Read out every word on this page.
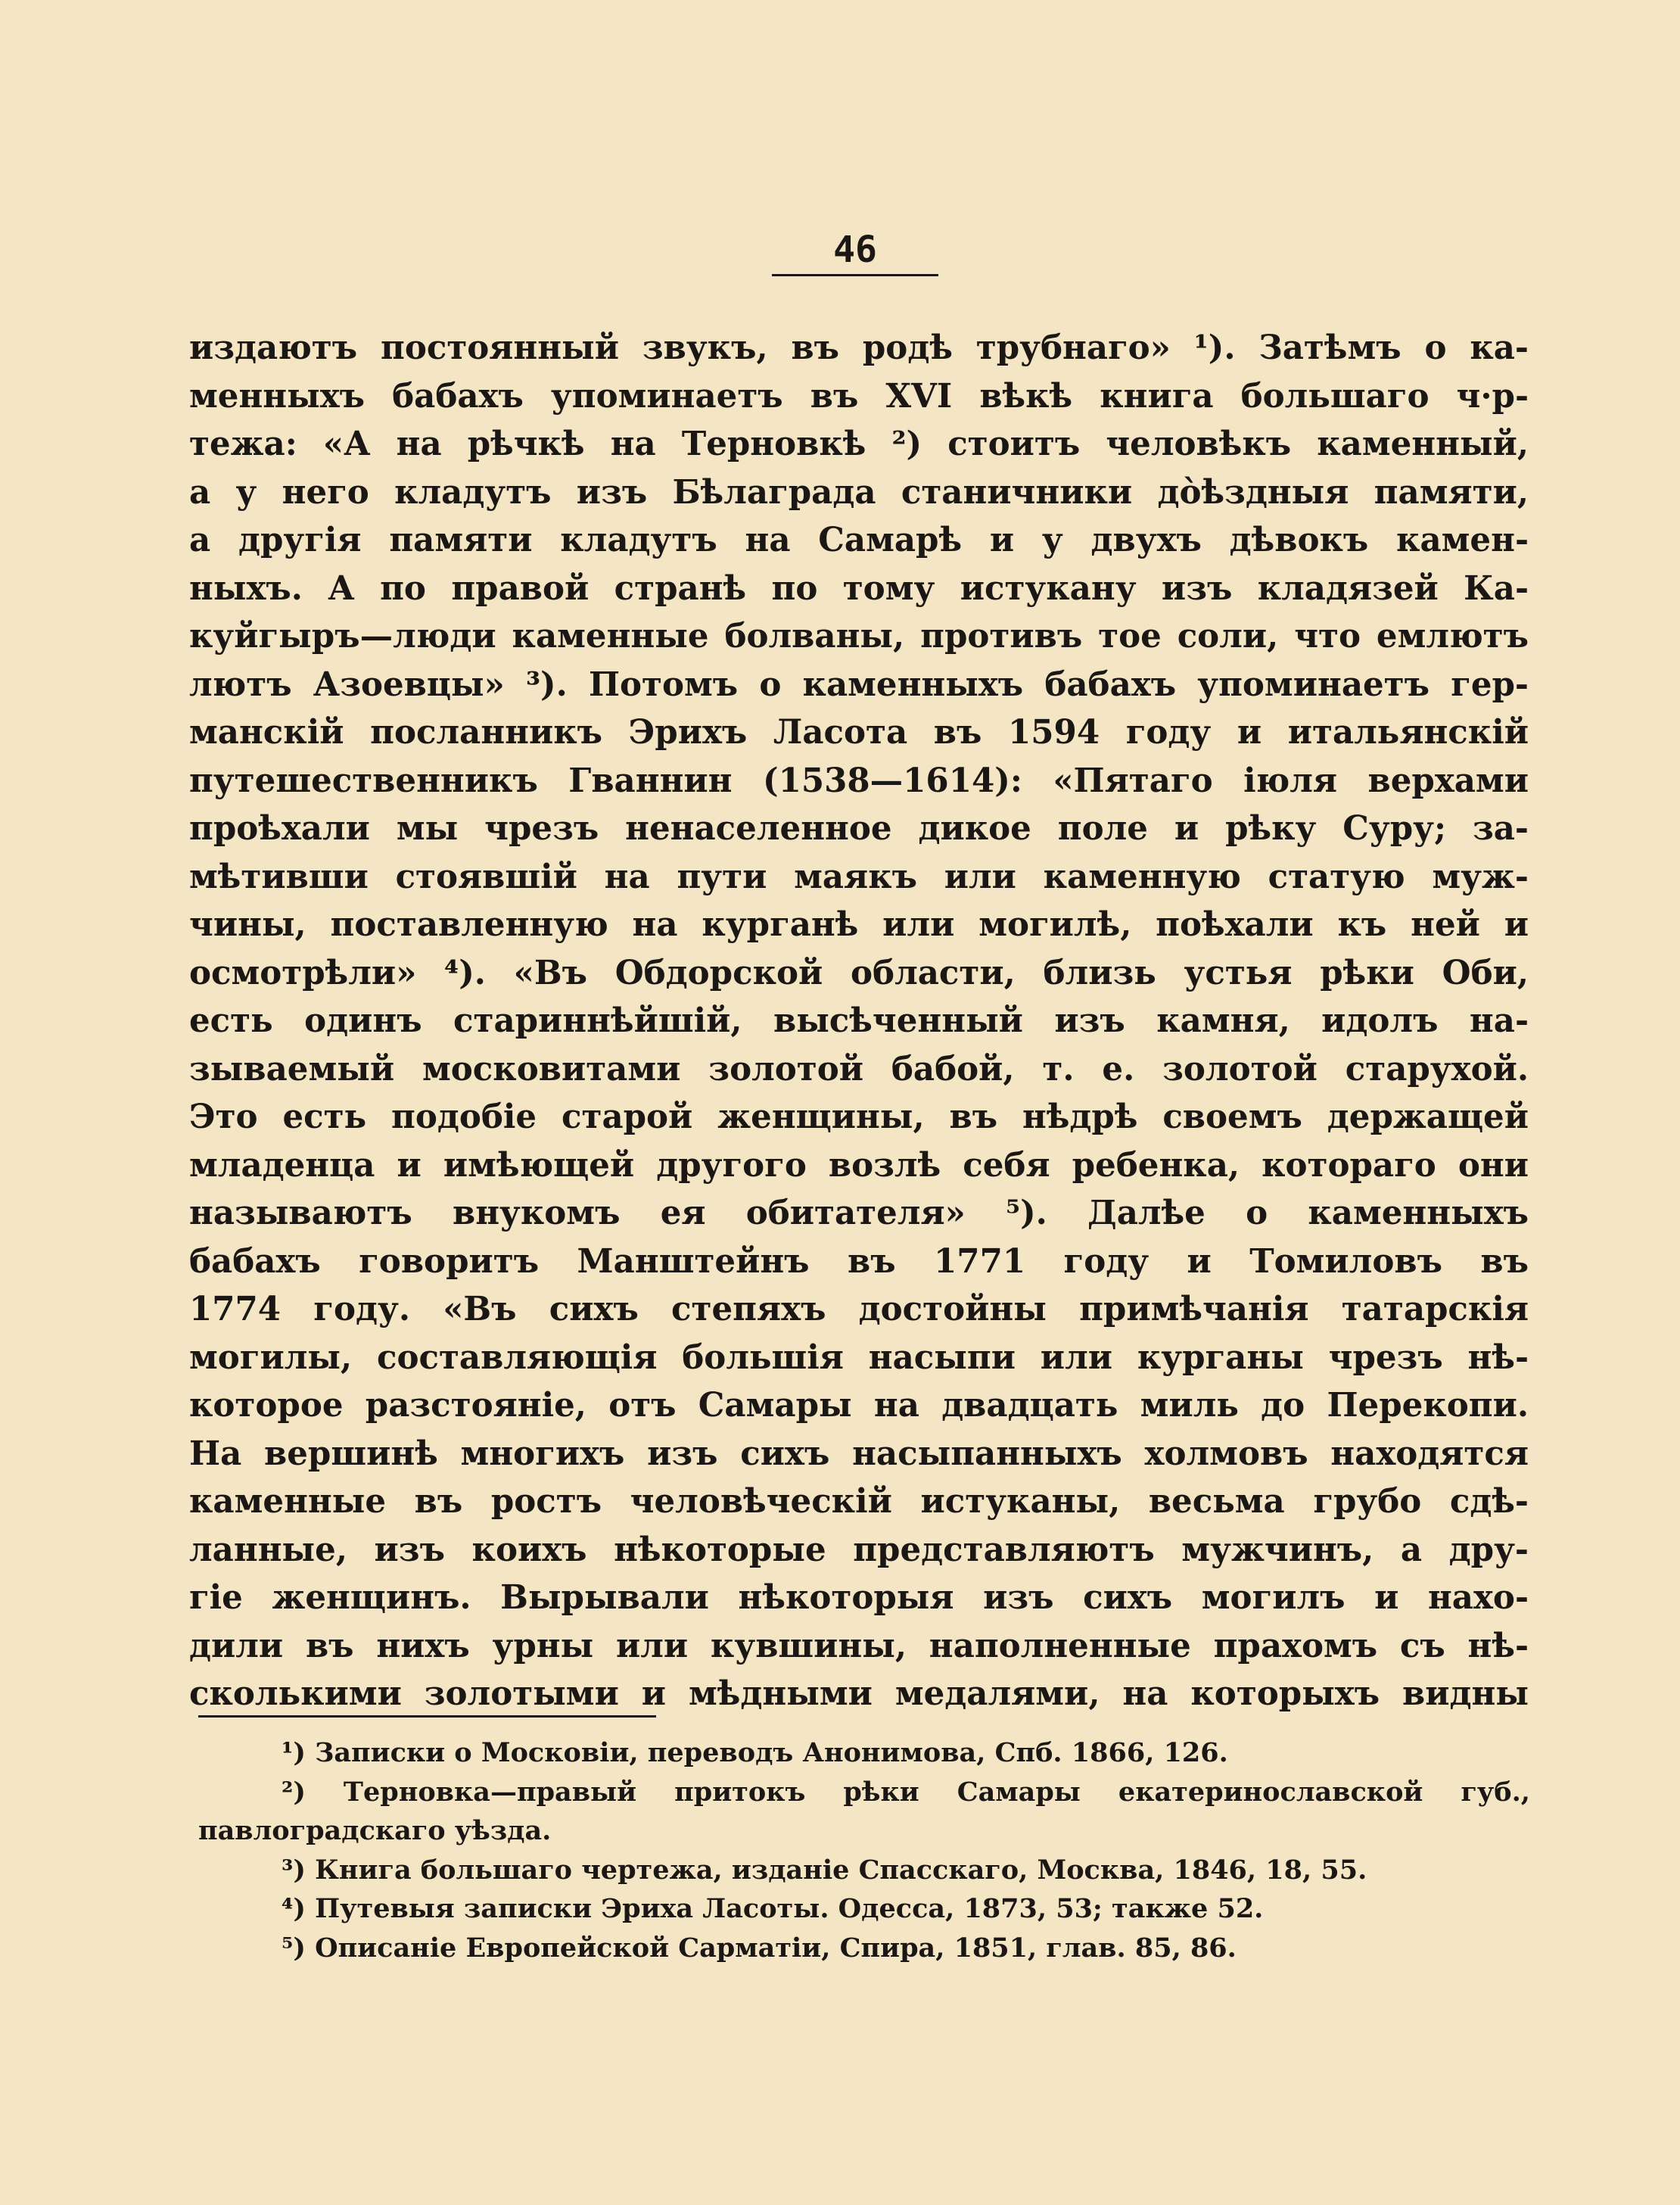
46
издаютъ постоянный звукъ, въ родѣ трубнаго» ¹). Затѣмъ о ка-
менныхъ бабахъ упоминаетъ въ XVI вѣкѣ книга большаго ч·р-
тежа: «А на рѣчкѣ на Терновкѣ ²) стоитъ человѣкъ каменный,
а у него кладутъ изъ Бѣлаграда станичники дòѣздныя памяти,
а другія памяти кладутъ на Самарѣ и у двухъ дѣвокъ камен-
ныхъ. А по правой странѣ по тому истукану изъ кладязей Ка-
куйгыръ—люди каменные болваны, противъ тое соли, что емлютъ
лютъ Азоевцы» ³). Потомъ о каменныхъ бабахъ упоминаетъ гер-
манскій посланникъ Эрихъ Ласота въ 1594 году и итальянскій
путешественникъ Гваннин (1538—1614): «Пятаго іюля верхами
проѣхали мы чрезъ ненаселенное дикое поле и рѣку Суру; за-
мѣтивши стоявшій на пути маякъ или каменную статую муж-
чины, поставленную на курганѣ или могилѣ, поѣхали къ ней и
осмотрѣли» ⁴). «Въ Обдорской области, близь устья рѣки Оби,
есть одинъ стариннѣйшій, высѣченный изъ камня, идолъ на-
зываемый московитами золотой бабой, т. е. золотой старухой.
Это есть подобіе старой женщины, въ нѣдрѣ своемъ держащей
младенца и имѣющей другого возлѣ себя ребенка, котораго они
называютъ внукомъ ея обитателя» ⁵). Далѣе о каменныхъ
бабахъ говоритъ Манштейнъ въ 1771 году и Томиловъ въ
1774 году. «Въ сихъ степяхъ достойны примѣчанія татарскія
могилы, составляющія большія насыпи или курганы чрезъ нѣ-
которое разстояніе, отъ Самары на двадцать миль до Перекопи.
На вершинѣ многихъ изъ сихъ насыпанныхъ холмовъ находятся
каменные въ ростъ человѣческій истуканы, весьма грубо сдѣ-
ланные, изъ коихъ нѣкоторые представляютъ мужчинъ, а дру-
гіе женщинъ. Вырывали нѣкоторыя изъ сихъ могилъ и нахо-
дили въ нихъ урны или кувшины, наполненные прахомъ съ нѣ-
сколькими золотыми и мѣдными медалями, на которыхъ видны
¹) Записки о Московіи, переводъ Анонимова, Спб. 1866, 126.
²) Терновка—правый притокъ рѣки Самары екатеринославской губ.,
павлоградскаго уѣзда.
³) Книга большаго чертежа, изданіе Спасскаго, Москва, 1846, 18, 55.
⁴) Путевыя записки Эриха Ласоты. Одесса, 1873, 53; также 52.
⁵) Описаніе Европейской Сарматіи, Спира, 1851, глав. 85, 86.
